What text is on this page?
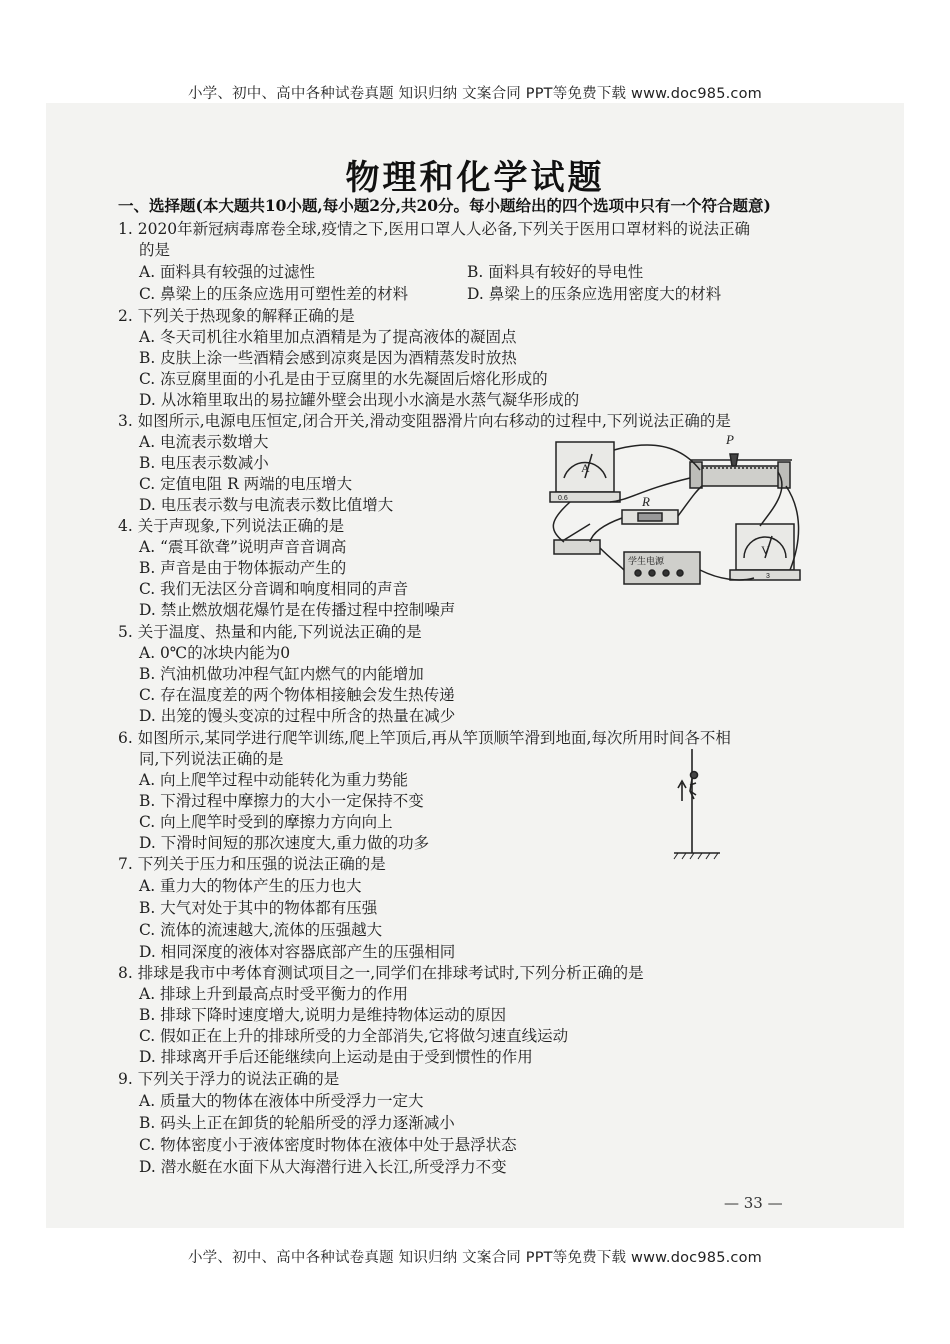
小学、初中、高中各种试卷真题 知识归纳 文案合同 PPT等免费下载 www.doc985.com
物理和化学试题
一、选择题(本大题共10小题,每小题2分,共20分。每小题给出的四个选项中只有一个符合题意)
1. 2020年新冠病毒席卷全球,疫情之下,医用口罩人人必备,下列关于医用口罩材料的说法正确
的是
A. 面料具有较强的过滤性	B. 面料具有较好的导电性
C. 鼻梁上的压条应选用可塑性差的材料	D. 鼻梁上的压条应选用密度大的材料
2. 下列关于热现象的解释正确的是
A. 冬天司机往水箱里加点酒精是为了提高液体的凝固点
B. 皮肤上涂一些酒精会感到凉爽是因为酒精蒸发时放热
C. 冻豆腐里面的小孔是由于豆腐里的水先凝固后熔化形成的
D. 从冰箱里取出的易拉罐外壁会出现小水滴是水蒸气凝华形成的
3. 如图所示,电源电压恒定,闭合开关,滑动变阻器滑片向右移动的过程中,下列说法正确的是
A. 电流表示数增大
B. 电压表示数减小
C. 定值电阻 R 两端的电压增大
D. 电压表示数与电流表示数比值增大
4. 关于声现象,下列说法正确的是
A. “震耳欲聋”说明声音音调高
B. 声音是由于物体振动产生的
C. 我们无法区分音调和响度相同的声音
D. 禁止燃放烟花爆竹是在传播过程中控制噪声
5. 关于温度、热量和内能,下列说法正确的是
A. 0℃的冰块内能为0
B. 汽油机做功冲程气缸内燃气的内能增加
C. 存在温度差的两个物体相接触会发生热传递
D. 出笼的馒头变凉的过程中所含的热量在减少
6. 如图所示,某同学进行爬竿训练,爬上竿顶后,再从竿顶顺竿滑到地面,每次所用时间各不相
同,下列说法正确的是
A. 向上爬竿过程中动能转化为重力势能
B. 下滑过程中摩擦力的大小一定保持不变
C. 向上爬竿时受到的摩擦力方向向上
D. 下滑时间短的那次速度大,重力做的功多
7. 下列关于压力和压强的说法正确的是
A. 重力大的物体产生的压力也大
B. 大气对处于其中的物体都有压强
C. 流体的流速越大,流体的压强越大
D. 相同深度的液体对容器底部产生的压强相同
8. 排球是我市中考体育测试项目之一,同学们在排球考试时,下列分析正确的是
A. 排球上升到最高点时受平衡力的作用
B. 排球下降时速度增大,说明力是维持物体运动的原因
C. 假如正在上升的排球所受的力全部消失,它将做匀速直线运动
D. 排球离开手后还能继续向上运动是由于受到惯性的作用
9. 下列关于浮力的说法正确的是
A. 质量大的物体在液体中所受浮力一定大
B. 码头上正在卸货的轮船所受的浮力逐渐减小
C. 物体密度小于液体密度时物体在液体中处于悬浮状态
D. 潜水艇在水面下从大海潜行进入长江,所受浮力不变
A
0.6
P
R
学生电源
V
3
— 33 —
小学、初中、高中各种试卷真题 知识归纳 文案合同 PPT等免费下载 www.doc985.com
